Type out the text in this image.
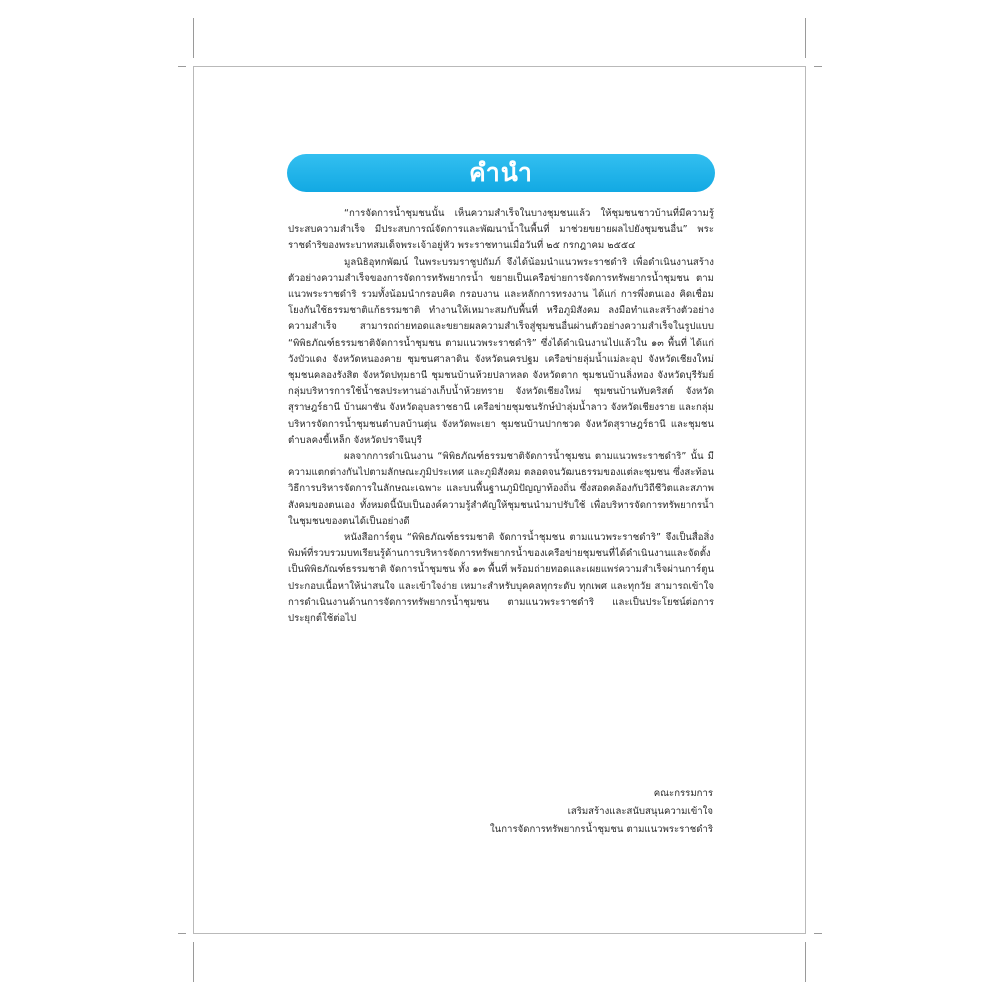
คำนำ

“การจัดการน้ำชุมชนนั้น เห็นความสำเร็จในบางชุมชนแล้ว ให้ชุมชนชาวบ้านที่มีความรู้ ประสบความสำเร็จ มีประสบการณ์จัดการและพัฒนาน้ำในพื้นที่ มาช่วยขยายผลไปยังชุมชนอื่น” พระราชดำริของพระบาทสมเด็จพระเจ้าอยู่หัว พระราชทานเมื่อวันที่ ๒๕ กรกฎาคม ๒๕๕๔

มูลนิธิอุทกพัฒน์ ในพระบรมราชูปถัมภ์ จึงได้น้อมนำแนวพระราชดำริ เพื่อดำเนินงานสร้างตัวอย่างความสำเร็จของการจัดการทรัพยากรน้ำ ขยายเป็นเครือข่ายการจัดการทรัพยากรน้ำชุมชน ตามแนวพระราชดำริ รวมทั้งน้อมนำกรอบคิด กรอบงาน และหลักการทรงงาน ได้แก่ การพึ่งตนเอง คิดเชื่อมโยงกันใช้ธรรมชาติแก้ธรรมชาติ ทำงานให้เหมาะสมกับพื้นที่ หรือภูมิสังคม ลงมือทำและสร้างตัวอย่างความสำเร็จ สามารถถ่ายทอดและขยายผลความสำเร็จสู่ชุมชนอื่นผ่านตัวอย่างความสำเร็จในรูปแบบ “พิพิธภัณฑ์ธรรมชาติจัดการน้ำชุมชน ตามแนวพระราชดำริ” ซึ่งได้ดำเนินงานไปแล้วใน ๑๓ พื้นที่ ได้แก่ วังบัวแดง จังหวัดหนองคาย ชุมชนศาลาดิน จังหวัดนครปฐม เครือข่ายลุ่มน้ำแม่ละอุป จังหวัดเชียงใหม่ ชุมชนคลองรังสิต จังหวัดปทุมธานี ชุมชนบ้านห้วยปลาหลด จังหวัดตาก ชุมชนบ้านลิ่งทอง จังหวัดบุรีรัมย์ กลุ่มบริหารการใช้น้ำชลประทานอ่างเก็บน้ำห้วยทราย จังหวัดเชียงใหม่ ชุมชนบ้านทับคริสต์ จังหวัดสุราษฎร์ธานี บ้านผาชัน จังหวัดอุบลราชธานี เครือข่ายชุมชนรักษ์ป่าลุ่มน้ำลาว จังหวัดเชียงราย และกลุ่มบริหารจัดการน้ำชุมชนตำบลบ้านตุ่น จังหวัดพะเยา ชุมชนบ้านปากชวด จังหวัดสุราษฎร์ธานี และชุมชนตำบลคงขี้เหล็ก จังหวัดปราจีนบุรี

ผลจากการดำเนินงาน “พิพิธภัณฑ์ธรรมชาติจัดการน้ำชุมชน ตามแนวพระราชดำริ” นั้น มีความแตกต่างกันไปตามลักษณะภูมิประเทศ และภูมิสังคม ตลอดจนวัฒนธรรมของแต่ละชุมชน ซึ่งสะท้อนวิธีการบริหารจัดการในลักษณะเฉพาะ และบนพื้นฐานภูมิปัญญาท้องถิ่น ซึ่งสอดคล้องกับวิถีชีวิตและสภาพสังคมของตนเอง ทั้งหมดนี้นับเป็นองค์ความรู้สำคัญให้ชุมชนนำมาปรับใช้ เพื่อบริหารจัดการทรัพยากรน้ำในชุมชนของตนได้เป็นอย่างดี

หนังสือการ์ตูน “พิพิธภัณฑ์ธรรมชาติ จัดการน้ำชุมชน ตามแนวพระราชดำริ” จึงเป็นสื่อสิ่งพิมพ์ที่รวบรวมบทเรียนรู้ด้านการบริหารจัดการทรัพยากรน้ำของเครือข่ายชุมชนที่ได้ดำเนินงานและจัดตั้งเป็นพิพิธภัณฑ์ธรรมชาติ จัดการน้ำชุมชน ทั้ง ๑๓ พื้นที่ พร้อมถ่ายทอดและเผยแพร่ความสำเร็จผ่านการ์ตูนประกอบเนื้อหาให้น่าสนใจ และเข้าใจง่าย เหมาะสำหรับบุคคลทุกระดับ ทุกเพศ และทุกวัย สามารถเข้าใจการดำเนินงานด้านการจัดการทรัพยากรน้ำชุมชน ตามแนวพระราชดำริ และเป็นประโยชน์ต่อการประยุกต์ใช้ต่อไป

คณะกรรมการ
เสริมสร้างและสนับสนุนความเข้าใจ
ในการจัดการทรัพยากรน้ำชุมชน ตามแนวพระราชดำริ
